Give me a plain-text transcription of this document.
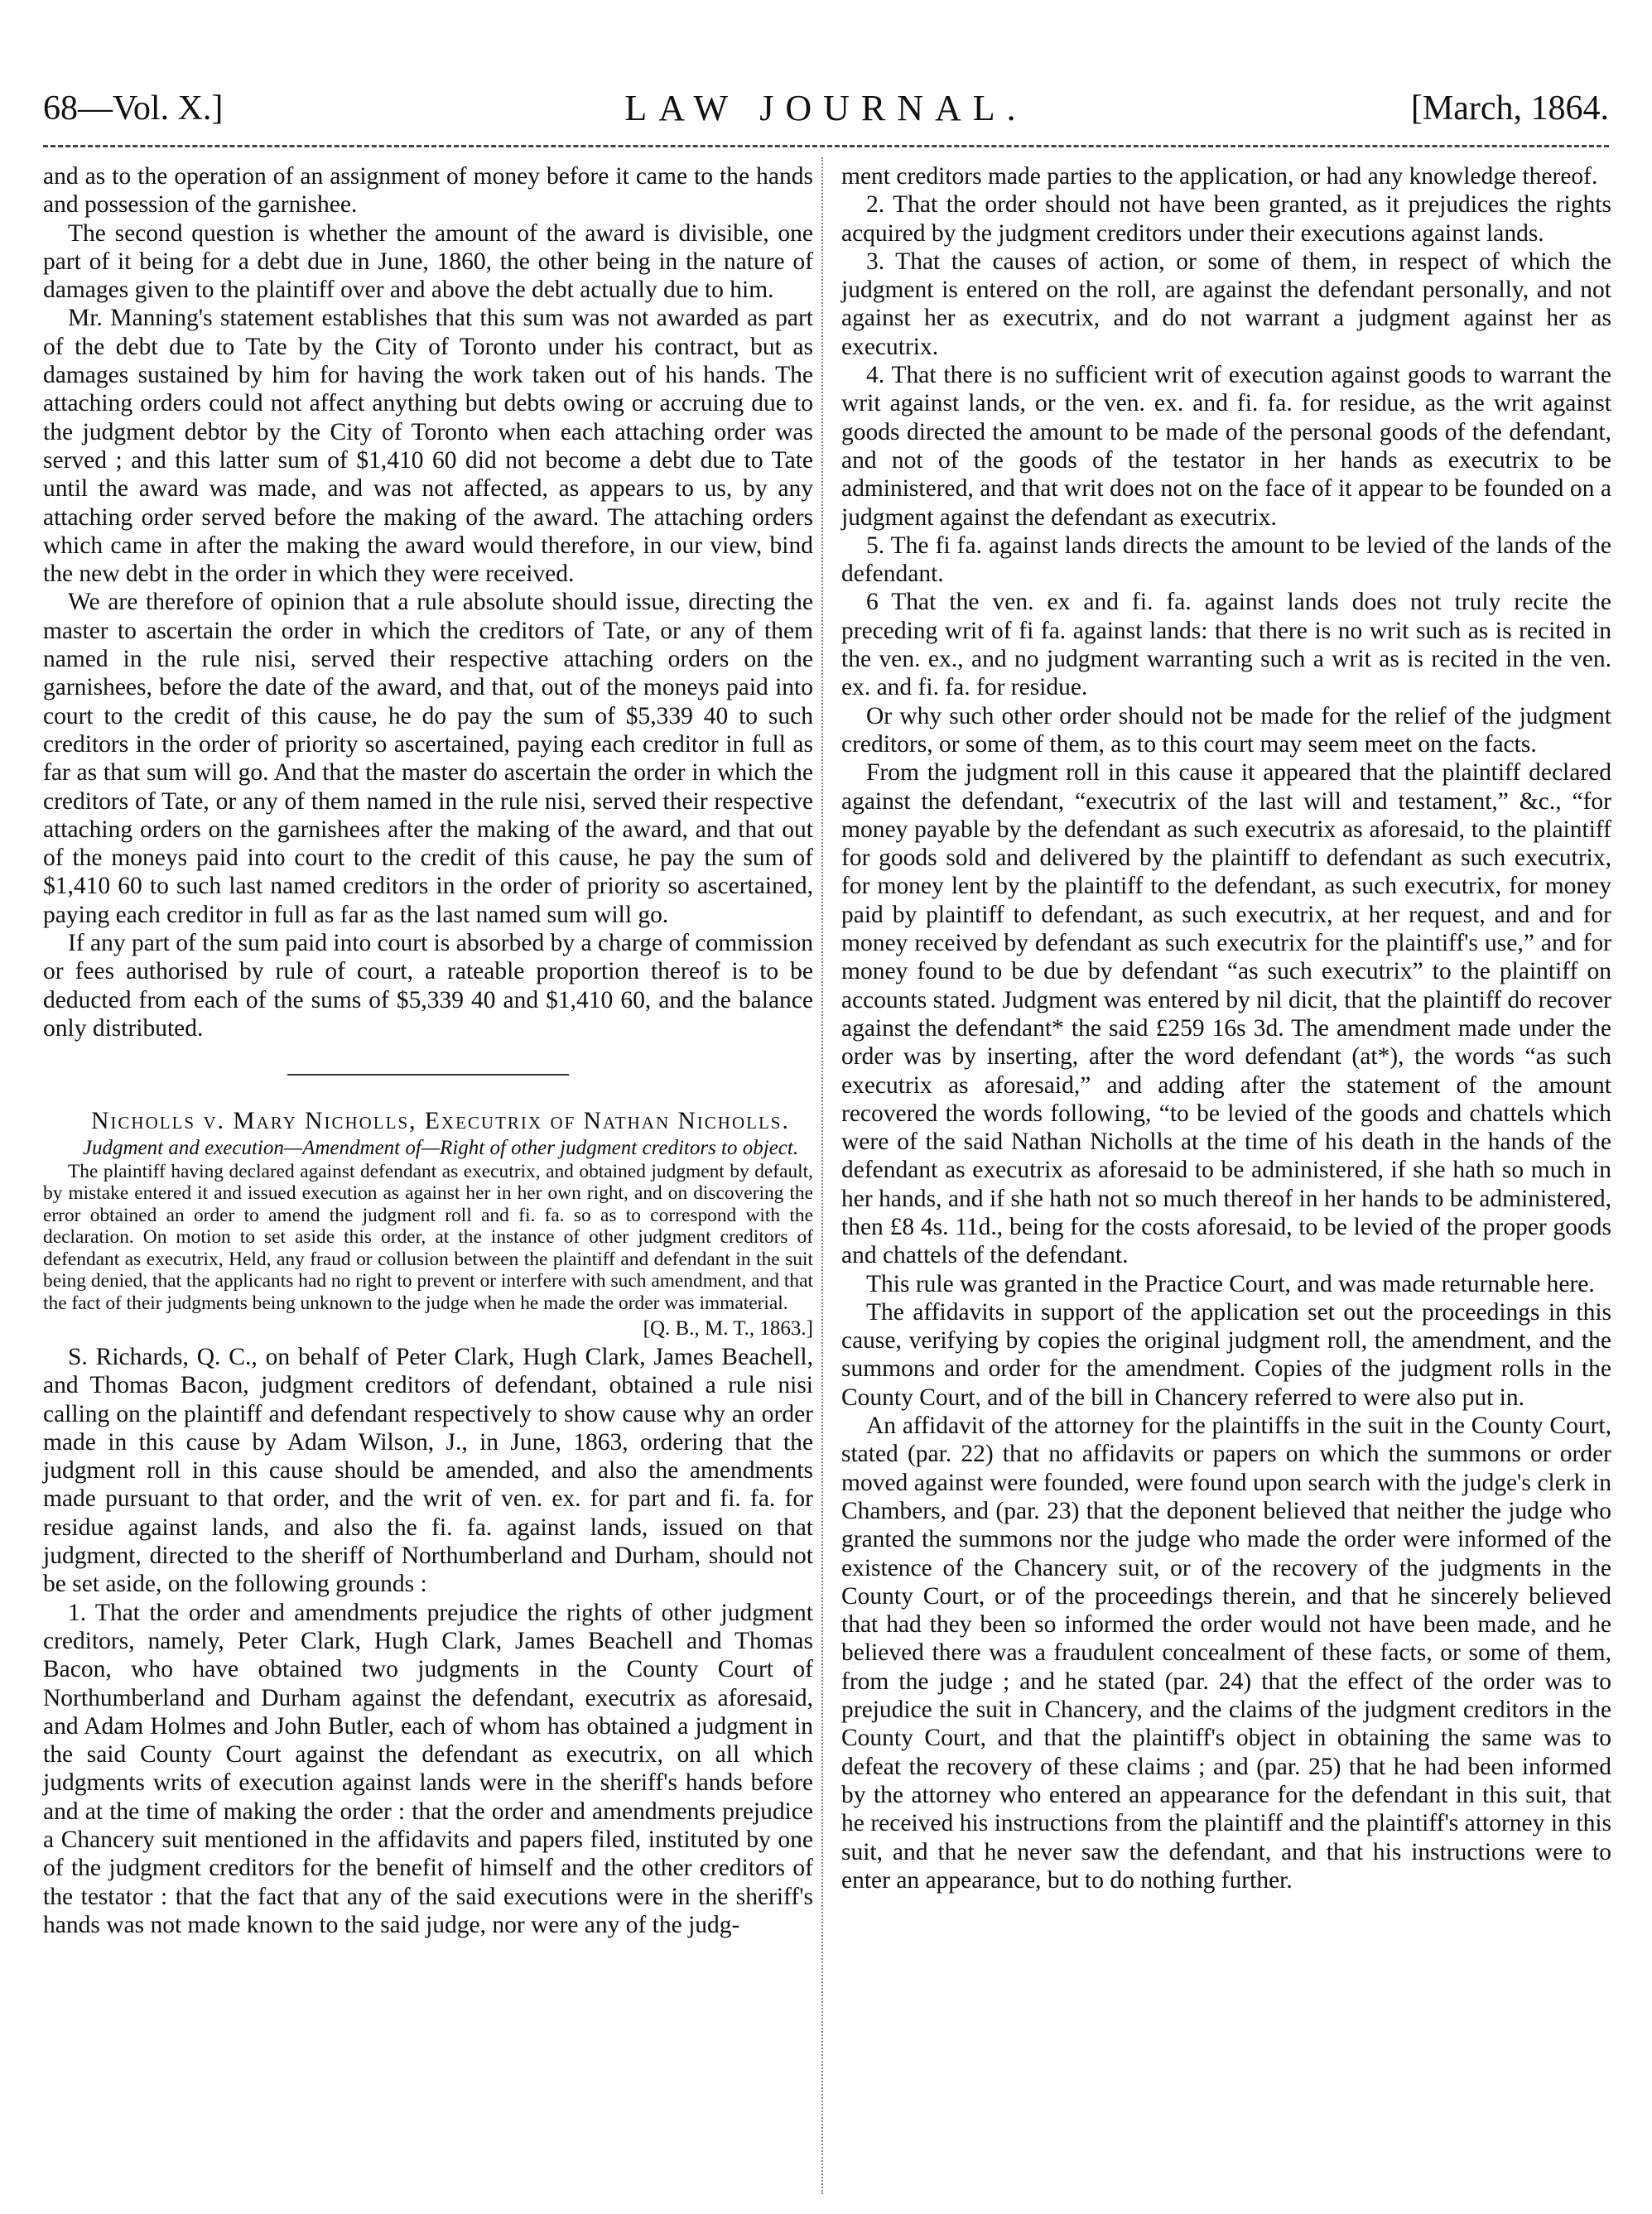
68—Vol. X.]	LAW JOURNAL.	[March, 1864.

and as to the operation of an assignment of money before it came to the hands and possession of the garnishee.

The second question is whether the amount of the award is divisible, one part of it being for a debt due in June, 1860, the other being in the nature of damages given to the plaintiff over and above the debt actually due to him.

Mr. Manning's statement establishes that this sum was not awarded as part of the debt due to Tate by the City of Toronto under his contract, but as damages sustained by him for having the work taken out of his hands. The attaching orders could not affect anything but debts owing or accruing due to the judgment debtor by the City of Toronto when each attaching order was served ; and this latter sum of $1,410 60 did not become a debt due to Tate until the award was made, and was not affected, as appears to us, by any attaching order served before the making of the award. The attaching orders which came in after the making the award would therefore, in our view, bind the new debt in the order in which they were received.

We are therefore of opinion that a rule absolute should issue, directing the master to ascertain the order in which the creditors of Tate, or any of them named in the rule nisi, served their respective attaching orders on the garnishees, before the date of the award, and that, out of the moneys paid into court to the credit of this cause, he do pay the sum of $5,339 40 to such creditors in the order of priority so ascertained, paying each creditor in full as far as that sum will go. And that the master do ascertain the order in which the creditors of Tate, or any of them named in the rule nisi, served their respective attaching orders on the garnishees after the making of the award, and that out of the moneys paid into court to the credit of this cause, he pay the sum of $1,410 60 to such last named creditors in the order of priority so ascertained, paying each creditor in full as far as the last named sum will go.

If any part of the sum paid into court is absorbed by a charge of commission or fees authorised by rule of court, a rateable proportion thereof is to be deducted from each of the sums of $5,339 40 and $1,410 60, and the balance only distributed.

Nicholls v. Mary Nicholls, Executrix of Nathan Nicholls.

Judgment and execution—Amendment of—Right of other judgment creditors to object.

The plaintiff having declared against defendant as executrix, and obtained judgment by default, by mistake entered it and issued execution as against her in her own right, and on discovering the error obtained an order to amend the judgment roll and fi. fa. so as to correspond with the declaration. On motion to set aside this order, at the instance of other judgment creditors of defendant as executrix, Held, any fraud or collusion between the plaintiff and defendant in the suit being denied, that the applicants had no right to prevent or interfere with such amendment, and that the fact of their judgments being unknown to the judge when he made the order was immaterial.

[Q. B., M. T., 1863.]

S. Richards, Q. C., on behalf of Peter Clark, Hugh Clark, James Beachell, and Thomas Bacon, judgment creditors of defendant, obtained a rule nisi calling on the plaintiff and defendant respectively to show cause why an order made in this cause by Adam Wilson, J., in June, 1863, ordering that the judgment roll in this cause should be amended, and also the amendments made pursuant to that order, and the writ of ven. ex. for part and fi. fa. for residue against lands, and also the fi. fa. against lands, issued on that judgment, directed to the sheriff of Northumberland and Durham, should not be set aside, on the following grounds :

1. That the order and amendments prejudice the rights of other judgment creditors, namely, Peter Clark, Hugh Clark, James Beachell and Thomas Bacon, who have obtained two judgments in the County Court of Northumberland and Durham against the defendant, executrix as aforesaid, and Adam Holmes and John Butler, each of whom has obtained a judgment in the said County Court against the defendant as executrix, on all which judgments writs of execution against lands were in the sheriff's hands before and at the time of making the order : that the order and amendments prejudice a Chancery suit mentioned in the affidavits and papers filed, instituted by one of the judgment creditors for the benefit of himself and the other creditors of the testator : that the fact that any of the said executions were in the sheriff's hands was not made known to the said judge, nor were any of the judg-

ment creditors made parties to the application, or had any knowledge thereof.

2. That the order should not have been granted, as it prejudices the rights acquired by the judgment creditors under their executions against lands.

3. That the causes of action, or some of them, in respect of which the judgment is entered on the roll, are against the defendant personally, and not against her as executrix, and do not warrant a judgment against her as executrix.

4. That there is no sufficient writ of execution against goods to warrant the writ against lands, or the ven. ex. and fi. fa. for residue, as the writ against goods directed the amount to be made of the personal goods of the defendant, and not of the goods of the testator in her hands as executrix to be administered, and that writ does not on the face of it appear to be founded on a judgment against the defendant as executrix.

5. The fi fa. against lands directs the amount to be levied of the lands of the defendant.

6 That the ven. ex and fi. fa. against lands does not truly recite the preceding writ of fi fa. against lands: that there is no writ such as is recited in the ven. ex., and no judgment warranting such a writ as is recited in the ven. ex. and fi. fa. for residue.

Or why such other order should not be made for the relief of the judgment creditors, or some of them, as to this court may seem meet on the facts.

From the judgment roll in this cause it appeared that the plaintiff declared against the defendant, “executrix of the last will and testament,” &c., “for money payable by the defendant as such executrix as aforesaid, to the plaintiff for goods sold and delivered by the plaintiff to defendant as such executrix, for money lent by the plaintiff to the defendant, as such executrix, for money paid by plaintiff to defendant, as such executrix, at her request, and and for money received by defendant as such executrix for the plaintiff's use,” and for money found to be due by defendant “as such executrix” to the plaintiff on accounts stated. Judgment was entered by nil dicit, that the plaintiff do recover against the defendant* the said £259 16s 3d. The amendment made under the order was by inserting, after the word defendant (at*), the words “as such executrix as aforesaid,” and adding after the statement of the amount recovered the words following, “to be levied of the goods and chattels which were of the said Nathan Nicholls at the time of his death in the hands of the defendant as executrix as aforesaid to be administered, if she hath so much in her hands, and if she hath not so much thereof in her hands to be administered, then £8 4s. 11d., being for the costs aforesaid, to be levied of the proper goods and chattels of the defendant.

This rule was granted in the Practice Court, and was made returnable here.

The affidavits in support of the application set out the proceedings in this cause, verifying by copies the original judgment roll, the amendment, and the summons and order for the amendment. Copies of the judgment rolls in the County Court, and of the bill in Chancery referred to were also put in.

An affidavit of the attorney for the plaintiffs in the suit in the County Court, stated (par. 22) that no affidavits or papers on which the summons or order moved against were founded, were found upon search with the judge's clerk in Chambers, and (par. 23) that the deponent believed that neither the judge who granted the summons nor the judge who made the order were informed of the existence of the Chancery suit, or of the recovery of the judgments in the County Court, or of the proceedings therein, and that he sincerely believed that had they been so informed the order would not have been made, and he believed there was a fraudulent concealment of these facts, or some of them, from the judge ; and he stated (par. 24) that the effect of the order was to prejudice the suit in Chancery, and the claims of the judgment creditors in the County Court, and that the plaintiff's object in obtaining the same was to defeat the recovery of these claims ; and (par. 25) that he had been informed by the attorney who entered an appearance for the defendant in this suit, that he received his instructions from the plaintiff and the plaintiff's attorney in this suit, and that he never saw the defendant, and that his instructions were to enter an appearance, but to do nothing further.
